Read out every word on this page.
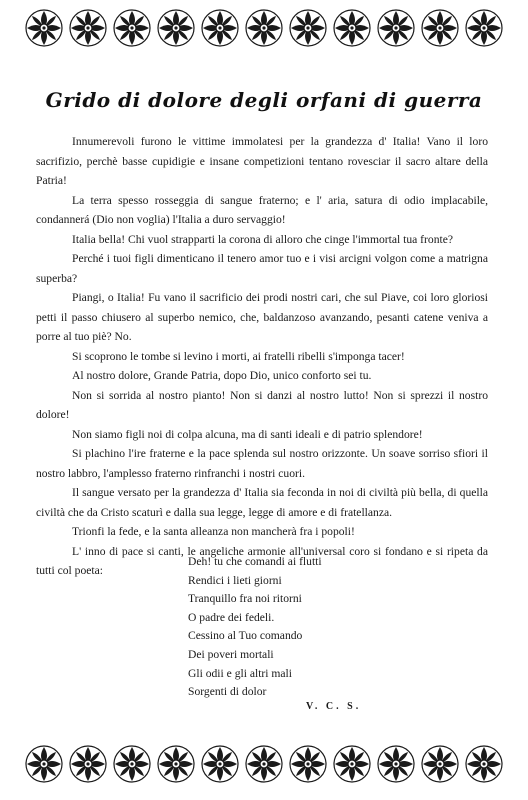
Grido di dolore degli orfani di guerra

Innumerevoli furono le vittime immolatesi per la grandezza d' Italia! Vano il loro sacrifizio, perchè basse cupidigie e insane competizioni tentano rovesciar il sacro altare della Patria!

La terra spesso rosseggia di sangue fraterno; e l' aria, satura di odio implacabile, condannerá (Dio non voglia) l'Italia a duro servaggio!

Italia bella! Chi vuol strapparti la corona di alloro che cinge l'immortal tua fronte?

Perché i tuoi figli dimenticano il tenero amor tuo e i visi arcigni volgon come a matrigna superba?

Piangi, o Italia! Fu vano il sacrificio dei prodi nostri cari, che sul Piave, coi loro gloriosi petti il passo chiusero al superbo nemico, che, baldanzoso avanzando, pesanti catene veniva a porre al tuo piè? No.

Si scoprono le tombe si levino i morti, ai fratelli ribelli s'imponga tacer!

Al nostro dolore, Grande Patria, dopo Dio, unico conforto sei tu.

Non si sorrida al nostro pianto! Non si danzi al nostro lutto! Non si sprezzi il nostro dolore!

Non siamo figli noi di colpa alcuna, ma di santi ideali e di patrio splendore!

Si plachino l'ire fraterne e la pace splenda sul nostro orizzonte. Un soave sorriso sfiori il nostro labbro, l'amplesso fraterno rinfranchi i nostri cuori.

Il sangue versato per la grandezza d' Italia sia feconda in noi di civiltà più bella, di quella civiltà che da Cristo scaturì e dalla sua legge, legge di amore e di fratellanza.

Trionfi la fede, e la santa alleanza non mancherà fra i popoli!

L' inno di pace si canti, le angeliche armonie all'universal coro si fondano e si ripeta da tutti col poeta:

Deh! tu che comandi ai flutti
Rendici i lieti giorni
Tranquillo fra noi ritorni
O padre dei fedeli.
Cessino al Tuo comando
Dei poveri mortali
Gli odii e gli altri mali
Sorgenti di dolor
V. C. S.
